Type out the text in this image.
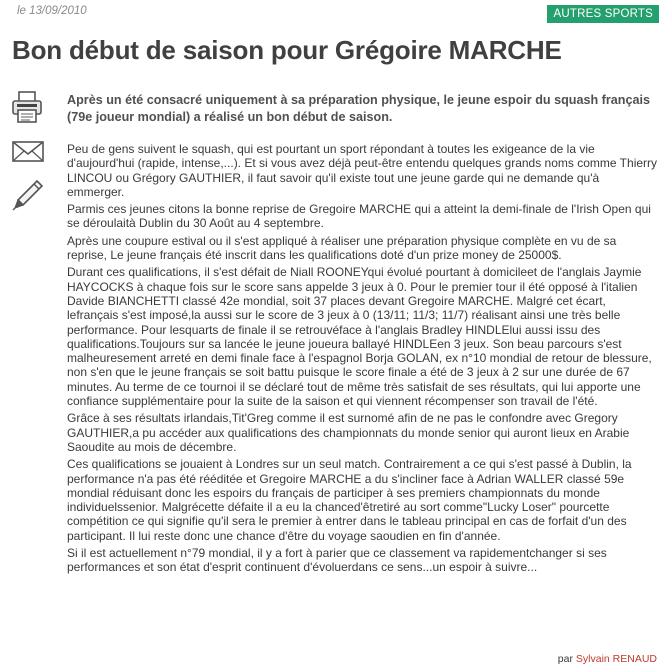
le 13/09/2010	AUTRES SPORTS
Bon début de saison pour Grégoire MARCHE

Après un été consacré uniquement à sa préparation physique, le jeune espoir du squash français (79e joueur mondial) a réalisé un bon début de saison.

Peu de gens suivent le squash, qui est pourtant un sport répondant à toutes les exigeance de la vie d'aujourd'hui (rapide, intense,...). Et si vous avez déjà peut-être entendu quelques grands noms comme Thierry LINCOU ou Grégory GAUTHIER, il faut savoir qu'il existe tout une jeune garde qui ne demande qu'à emmerger.

Parmis ces jeunes citons la bonne reprise de Gregoire MARCHE qui a atteint la demi-finale de l'Irish Open qui se déroulaità Dublin du 30 Août au 4 septembre.

Après une coupure estival ou il s'est appliqué à réaliser une préparation physique complète en vu de sa reprise, Le jeune français été inscrit dans les qualifications doté d'un prize money de 25000$.

Durant ces qualifications, il s'est défait de Niall ROONEYqui évolué pourtant à domicileet de l'anglais Jaymie HAYCOCKS à chaque fois sur le score sans appelde 3 jeux à 0. Pour le premier tour il été opposé à l'italien Davide BIANCHETTI classé 42e mondial, soit 37 places devant Gregoire MARCHE. Malgré cet écart, lefrançais s'est imposé,la aussi sur le score de 3 jeux à 0 (13/11; 11/3; 11/7) réalisant ainsi une très belle performance. Pour lesquarts de finale il se retrouvéface à l'anglais Bradley HINDLElui aussi issu des qualifications.Toujours sur sa lancée le jeune joueura ballayé HINDLEen 3 jeux. Son beau parcours s'est malheuresement arreté en demi finale face à l'espagnol Borja GOLAN, ex n°10 mondial de retour de blessure, non s'en que le jeune français se soit battu puisque le score finale a été de 3 jeux à 2 sur une durée de 67 minutes. Au terme de ce tournoi il se déclaré tout de même très satisfait de ses résultats, qui lui apporte une confiance supplémentaire pour la suite de la saison et qui viennent récompenser son travail de l'été.

Grâce à ses résultats irlandais,Tit'Greg comme il est surnomé afin de ne pas le confondre avec Gregory GAUTHIER,a pu accéder aux qualifications des championnats du monde senior qui auront lieux en Arabie Saoudite au mois de décembre.

Ces qualifications se jouaient à Londres sur un seul match. Contrairement a ce qui s'est passé à Dublin, la performance n'a pas été rééditée et Gregoire MARCHE a du s'incliner face à Adrian WALLER classé 59e mondial réduisant donc les espoirs du français de participer à ses premiers championnats du monde individuelssenior. Malgrécette défaite il a eu la chanced'êtretiré au sort comme"Lucky Loser" pourcette compétition ce qui signifie qu'il sera le premier à entrer dans le tableau principal en cas de forfait d'un des participant. Il lui reste donc une chance d'être du voyage saoudien en fin d'année.

Si il est actuellement n°79 mondial, il y a fort à parier que ce classement va rapidementchanger si ses performances et son état d'esprit continuent d'évoluerdans ce sens...un espoir à suivre...

par Sylvain RENAUD
